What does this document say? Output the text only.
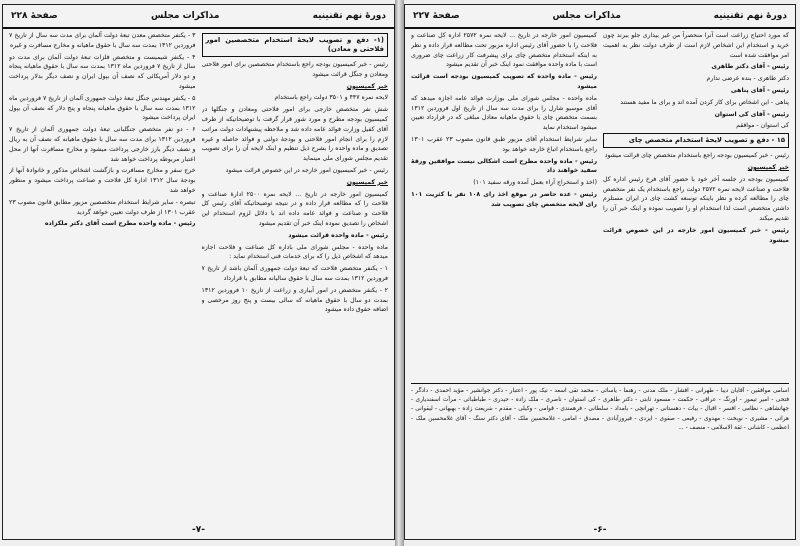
دورهٔ نهم تقنینیه
مذاکرات مجلس
صفحهٔ ۲۲۸
(۱- دفع و تصویب لایحهٔ استخدام متخصصین امور فلاحتی و معادن)

رئیس - خبر کمیسیون بودجه راجع باستخدام متخصصین برای امور فلاحتی ومعادن و جنگل قرائت میشود

خبر کمیسیون

لایحه نمره ۴۴۷ و ۳۵۰۱ دولت راجع باستخدام

شش نفر متخصص خارجی برای امور فلاحتی ومعادن و جنگلها در کمیسیون بودجه مطرح و مورد شور قرار گرفت با توضیحاتیکه از طرف آقای کفیل وزارت فوائد عامه داده شد و ملاحظه پیشنهادات دولت مراتب لازم را برای انجام امور فلاحتی و بودجهٔ دولتی و فوائد حاصله و غیره تصدیق و ماده واحده را بشرح ذیل تنظیم و اینک لایحه آن را برای تصویب تقدیم مجلس شورای ملی مینماید

رئیس - خبر کمیسیون امور خارجه در این خصوص قرائت میشود

خبر کمیسیون

کمیسیون امور خارجه در تاریخ ... لایحه نمره ۲۵۰۰ ادارهٔ صناعت و فلاحت را که مطالعه قرار داده و در نتیجه توضیحاتیکه آقای رئیس کل فلاحت و صناعت و فوائد عامه داده اند با دلائل لزوم استخدام این اشخاص را تصدیق نموده اینک خبر آن تقدیم میشود

رئیس - ماده واحده قرائت میشود

ماده واحده - مجلس شورای ملی باداره کل صناعت و فلاحت اجازه میدهد که اشخاص ذیل را که برای خدمات فنی استخدام نماید :

۱ - یکنفر متخصص فلاحت که تبعهٔ دولت جمهوری آلمان باشد از تاریخ ۷ فروردین ۱۳۱۲ بمدت سه سال با حقوق سالیانه مطابق با قرارداد

۲ - یکنفر متخصص در امور آبیاری و زراعت از تاریخ ۱۰ فروردین ۱۳۱۲ بمدت دو سال با حقوق ماهیانه که سالی بیست و پنج روز مرخصی و اضافه حقوق داده میشود

۳ - یکنفر متخصص معدن تبعهٔ دولت آلمان برای مدت سه سال از تاریخ ۷ فروردین ۱۳۱۲ بمدت سه سال با حقوق ماهیانه و مخارج مسافرت و غیره

۴ - یکنفر شیمیست و متخصص فلزات تبعهٔ دولت آلمان برای مدت دو سال از تاریخ ۷ فروردین ماه ۱۳۱۲ بمدت سه سال با حقوق ماهیانه پنجاه و دو دلار آمریکائی که نصف آن بپول ایران و نصف دیگر بدلار پرداخت میشود

۵ - یکنفر مهندس جنگل تبعهٔ دولت جمهوری آلمان از تاریخ ۷ فروردین ماه ۱۳۱۲ بمدت سه سال با حقوق ماهیانه پنجاه و پنج دلار که نصف آن بپول ایران پرداخت میشود

۶ - دو نفر متخصص جنگلبانی تبعهٔ دولت جمهوری آلمان از تاریخ ۷ فروردین ۱۳۱۲ برای مدت سه سال با حقوق ماهیانه که نصف آن به ریال و نصف دیگر بارز خارجی پرداخت میشود و مخارج مسافرت آنها از محل اعتبار مربوطه پرداخت خواهد شد

خرج سفر و مخارج مسافرت و بازگشت اشخاص مذکور و خانوادهٔ آنها از بودجهٔ سال ۱۳۱۲ ادارهٔ کل فلاحت و صناعت پرداخت میشود و منظور خواهد شد

تبصره - سایر شرایط استخدام متخصصین مزبور مطابق قانون مصوب ۲۳ عقرب ۱۳۰۱ از طرف دولت تعیین خواهد گردید

رئیس - ماده واحده مطرح است آقای دکتر ملکزاده

-۷-
دورهٔ نهم تقنینیه
مذاکرات مجلس
صفحهٔ ۲۲۷

که مورد احتیاج زراعت است آنرا منحصراً من غیر بیداری جلو ببرند چون خرید و استخدام این اشخاص لازم است از طرف دولت نظر به اهمیت امر موافقت شده است

رئیس - آقای دکتر طاهری

دکتر طاهری - بنده عرضی ندارم

رئیس - آقای پناهی

پناهی - این اشخاص برای کار کردن آمده اند و برای ما مفید هستند

رئیس - آقای کی استوان

کی استوان - موافقم

۱۵ - دفع و تصویب لایحهٔ استخدام متخصص چای

رئیس - خبر کمیسیون بودجه راجع باستخدام متخصص چای قرائت میشود

خبر کمیسیون

کمیسیون بودجه در جلسه آخر خود با حضور آقای فرخ رئیس اداره کل فلاحت و صناعت لایحه نمره ۲۵۷۲ دولت راجع باستخدام یک نفر متخصص چای را مطالعه کرده و نظر باینکه توسعه کشت چای در ایران مستلزم داشتن متخصص است لذا استخدام او را تصویب نموده و اینک خبر آن را تقدیم میکند

رئیس - خبر کمیسیون امور خارجه در این خصوص قرائت میشود

کمیسیون امور خارجه در تاریخ ... لایحه نمره ۲۵۷۲ اداره کل صناعت و فلاحت را با حضور آقای رئیس اداره مزبور تحت مطالعه قرار داده و نظر به اینکه استخدام متخصص چای برای پیشرفت کار زراعت چای ضروری است با ماده واحده موافقت نمود اینک خبر آن تقدیم میشود

رئیس - ماده واحده که تصویب کمیسیون بودجه است قرائت میشود

ماده واحده - مجلس شورای ملی بوزارت فوائد عامه اجازه میدهد که آقای موسیو شارل را برای مدت سه سال از تاریخ اول فروردین ۱۳۱۲ بسمت متخصص چای با حقوق ماهیانه معادل مبلغی که در قرارداد تعیین میشود استخدام نماید

سایر شرایط استخدام آقای مزبور طبق قانون مصوب ۲۳ عقرب ۱۳۰۱ راجع باستخدام اتباع خارجه خواهد بود

رئیس - ماده واحده مطرح است اشکالی نیست موافقین ورقهٔ سفید خواهند داد

(اخذ و استخراج آراء بعمل آمده ورقه سفید ۱۰۱)

رئیس - عده حاضر در موقع اخذ رای ۱۰۸ نفر با کثریت ۱۰۱ رای لایحه متخصص چای تصویب شد

اسامی موافقین - آقایان دیبا - طهرانی - افشار - ملک مدنی - رهنما - یاسائی - محمد تقی اسعد - نیک پور - اعتبار - دکتر جوانشیر - مؤید احمدی - دادگر - فتحی - امیر تیمور - اورنگ - عراقی - حکمت - مسعود ثابتی - دکتر طاهری - کی استوان - ناصری - ملک زاده - حیدری - طباطبائی - مرآت اسفندیاری - جهانشاهی - نظامی - افسر - اقبال - بیات - دهستانی - تهرانچی - بامداد - سلطانی - فرهمندی - قوامی - وکیلی - مقدم - شریعت زاده - بهبهانی - لیقوانی - هراتی - مشیری - نوبخت - مهدوی - رفیعی - صفوی - ایزدی - فیروزآبادی - مصدق - امامی - غلامحسین ملک - آقای دکتر سنگ - آقای غلامحسین ملک - اعظمی - کاشانی - ثقة الاسلامی - منصف - ...
-۶-
